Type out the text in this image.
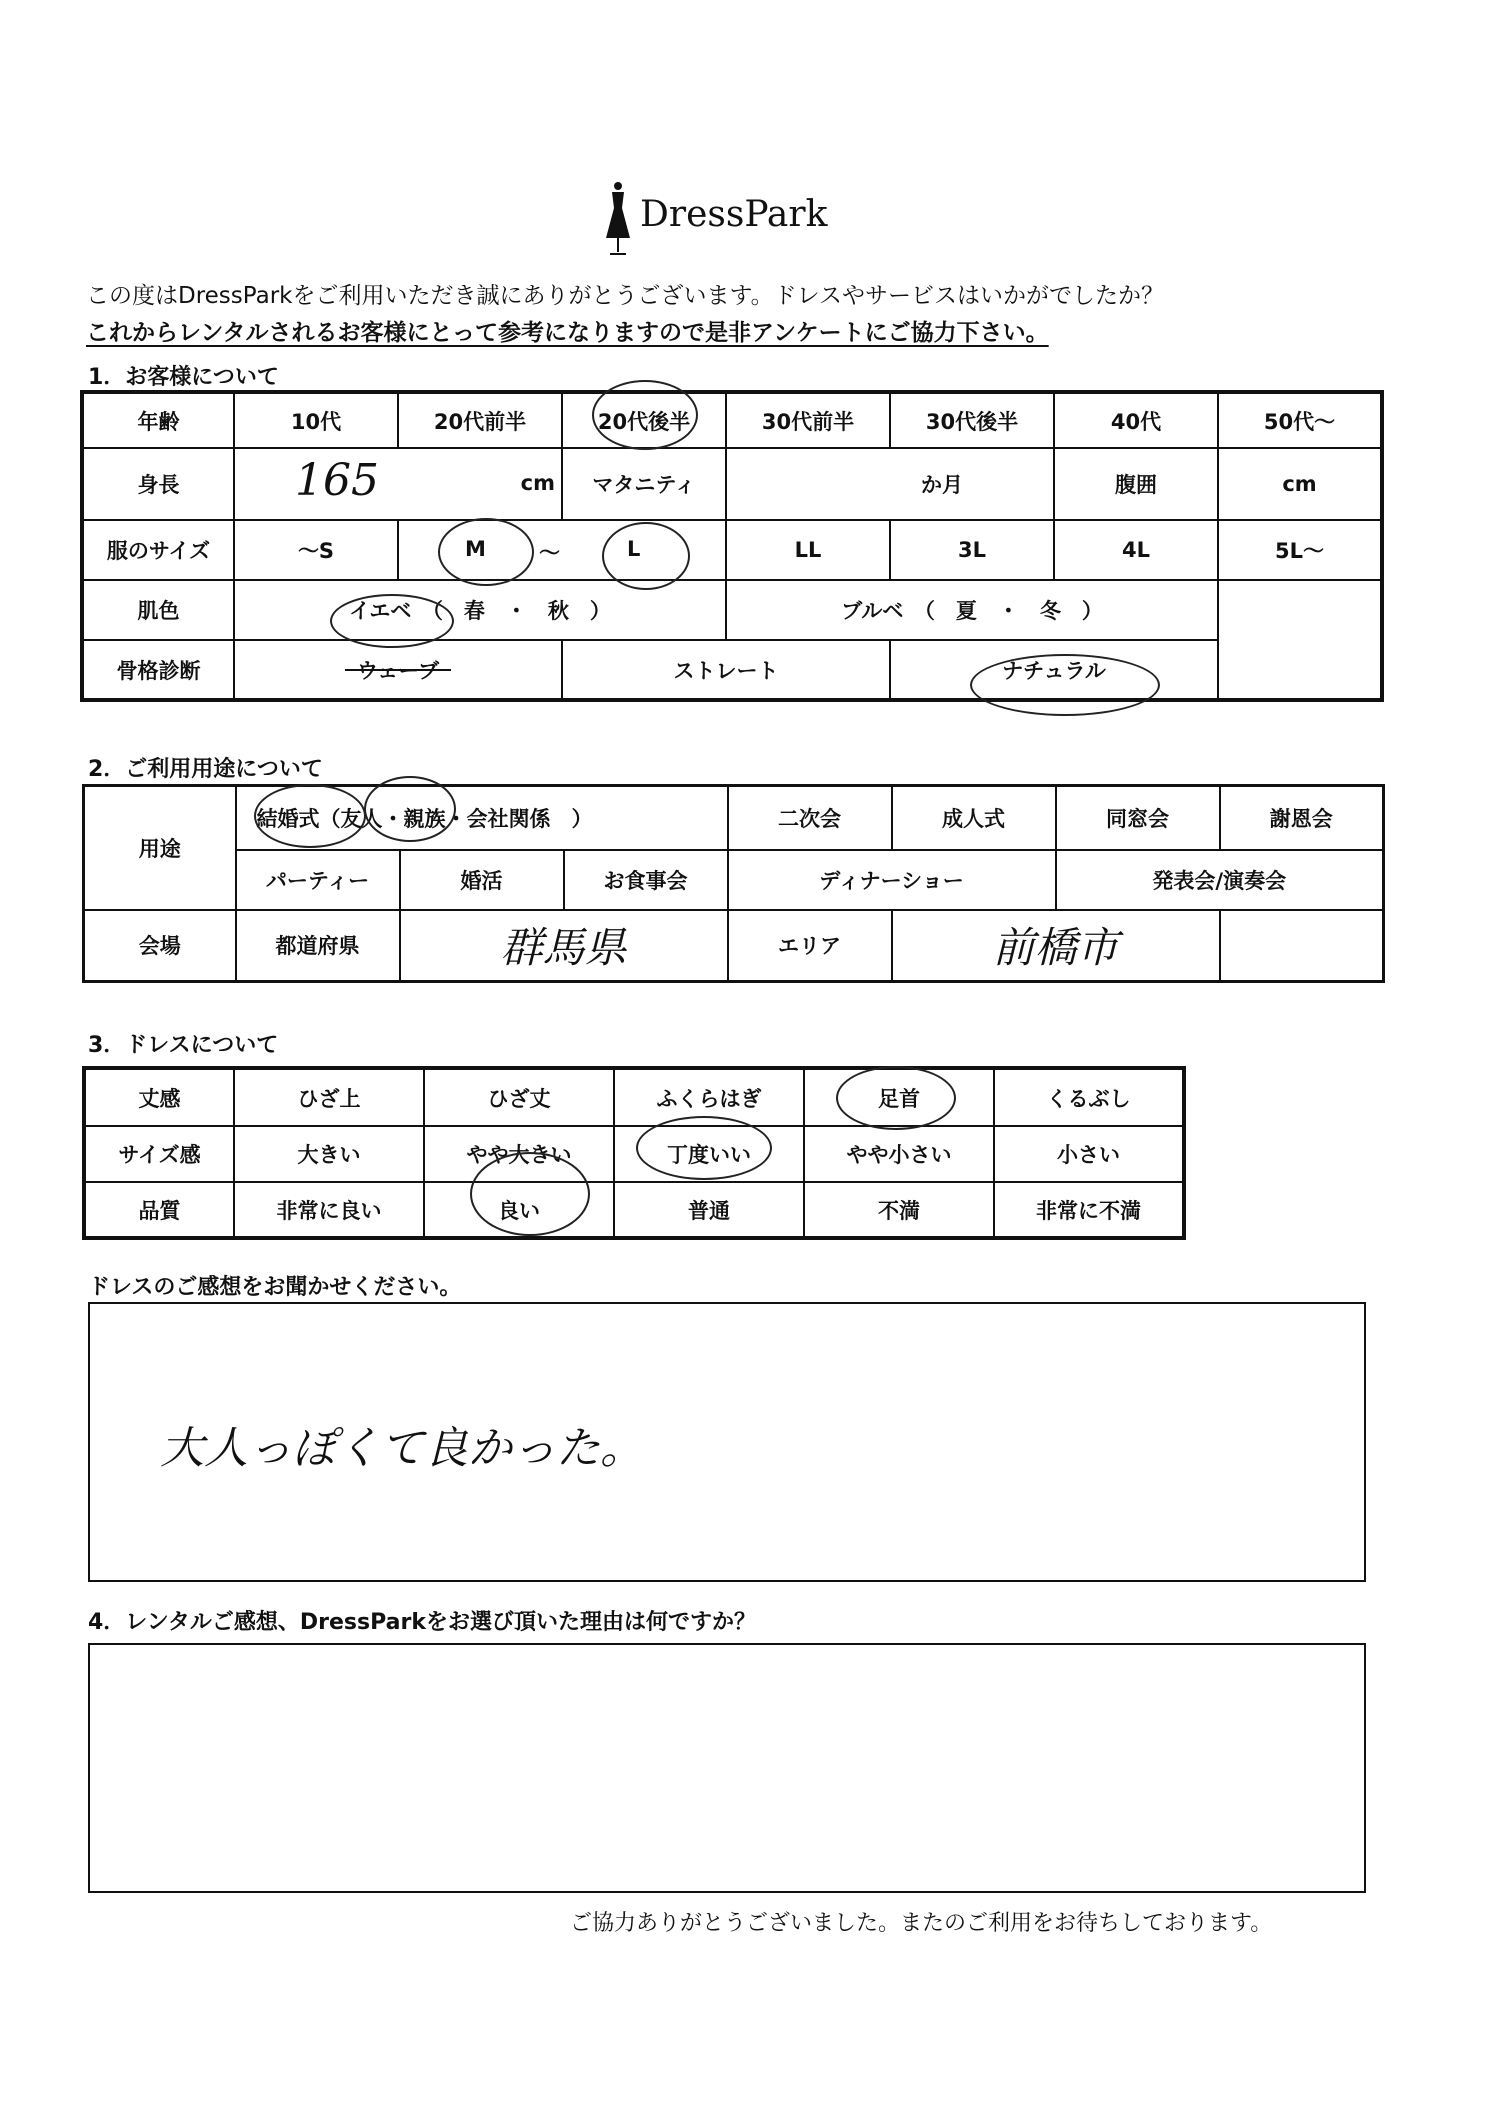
DressPark
この度はDressParkをご利用いただき誠にありがとうございます。ドレスやサービスはいかがでしたか？
これからレンタルされるお客様にとって参考になりますので是非アンケートにご協力下さい。
1．お客様について
年齢	10代	20代前半	20代後半	30代前半	30代後半	40代	50代～
身長	165 cm		マタニティ	か月		腹囲	cm
服のサイズ	～S	M ～ L		LL	3L	4L	5L～
肌色	イエベ　（　春　・　秋　）			ブルベ　（　夏　・　冬　）			
骨格診断	ウェーブ		ストレート		ナチュラル		
2．ご利用用途について
用途	結婚式（友人・親族・会社関係　）			二次会	成人式	同窓会	謝恩会
	パーティー	婚活	お食事会	ディナーショー		発表会/演奏会	
会場	都道府県	群馬県		エリア	前橋市		
3．ドレスについて
丈感	ひざ上	ひざ丈	ふくらはぎ	足首	くるぶし
サイズ感	大きい	やや大きい	丁度いい	やや小さい	小さい
品質	非常に良い	良い	普通	不満	非常に不満
ドレスのご感想をお聞かせください。
大人っぽくて良かった。
4．レンタルご感想、DressParkをお選び頂いた理由は何ですか？
ご協力ありがとうございました。またのご利用をお待ちしております。
